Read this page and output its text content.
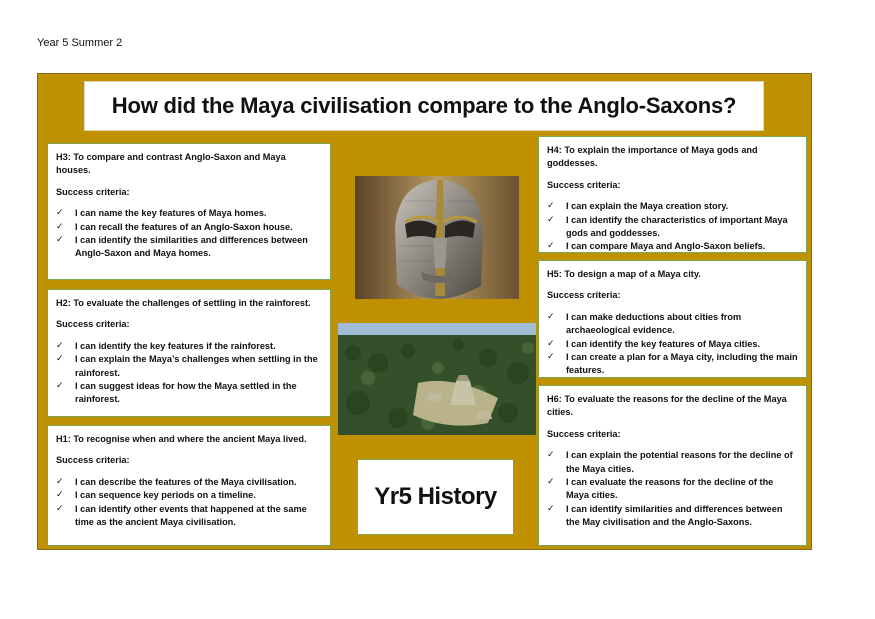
Year 5 Summer 2
How did the Maya civilisation compare to the Anglo-Saxons?
H3: To compare and contrast Anglo-Saxon and Maya houses.
Success criteria:
✓ I can name the key features of Maya homes.
✓ I can recall the features of an Anglo-Saxon house.
✓ I can identify the similarities and differences between Anglo-Saxon and Maya homes.
H2: To evaluate the challenges of settling in the rainforest.
Success criteria:
✓ I can identify the key features if the rainforest.
✓ I can explain the Maya’s challenges when settling in the rainforest.
✓ I can suggest ideas for how the Maya settled in the rainforest.
H1: To recognise when and where the ancient Maya lived.
Success criteria:
✓ I can describe the features of the Maya civilisation.
✓ I can sequence key periods on a timeline.
✓ I can identify other events that happened at the same time as the ancient Maya civilisation.
H4: To explain the importance of Maya gods and goddesses.
Success criteria:
✓ I can explain the Maya creation story.
✓ I can identify the characteristics of important Maya gods and goddesses.
✓ I can compare Maya and Anglo-Saxon beliefs.
H5: To design a map of a Maya city.
Success criteria:
✓ I can make deductions about cities from archaeological evidence.
✓ I can identify the key features of Maya cities.
✓ I can create a plan for a Maya city, including the main features.
H6: To evaluate the reasons for the decline of the Maya cities.
Success criteria:
✓ I can explain the potential reasons for the decline of the Maya cities.
✓ I can evaluate the reasons for the decline of the Maya cities.
✓ I can identify similarities and differences between the May civilisation and the Anglo-Saxons.
Yr5 History
